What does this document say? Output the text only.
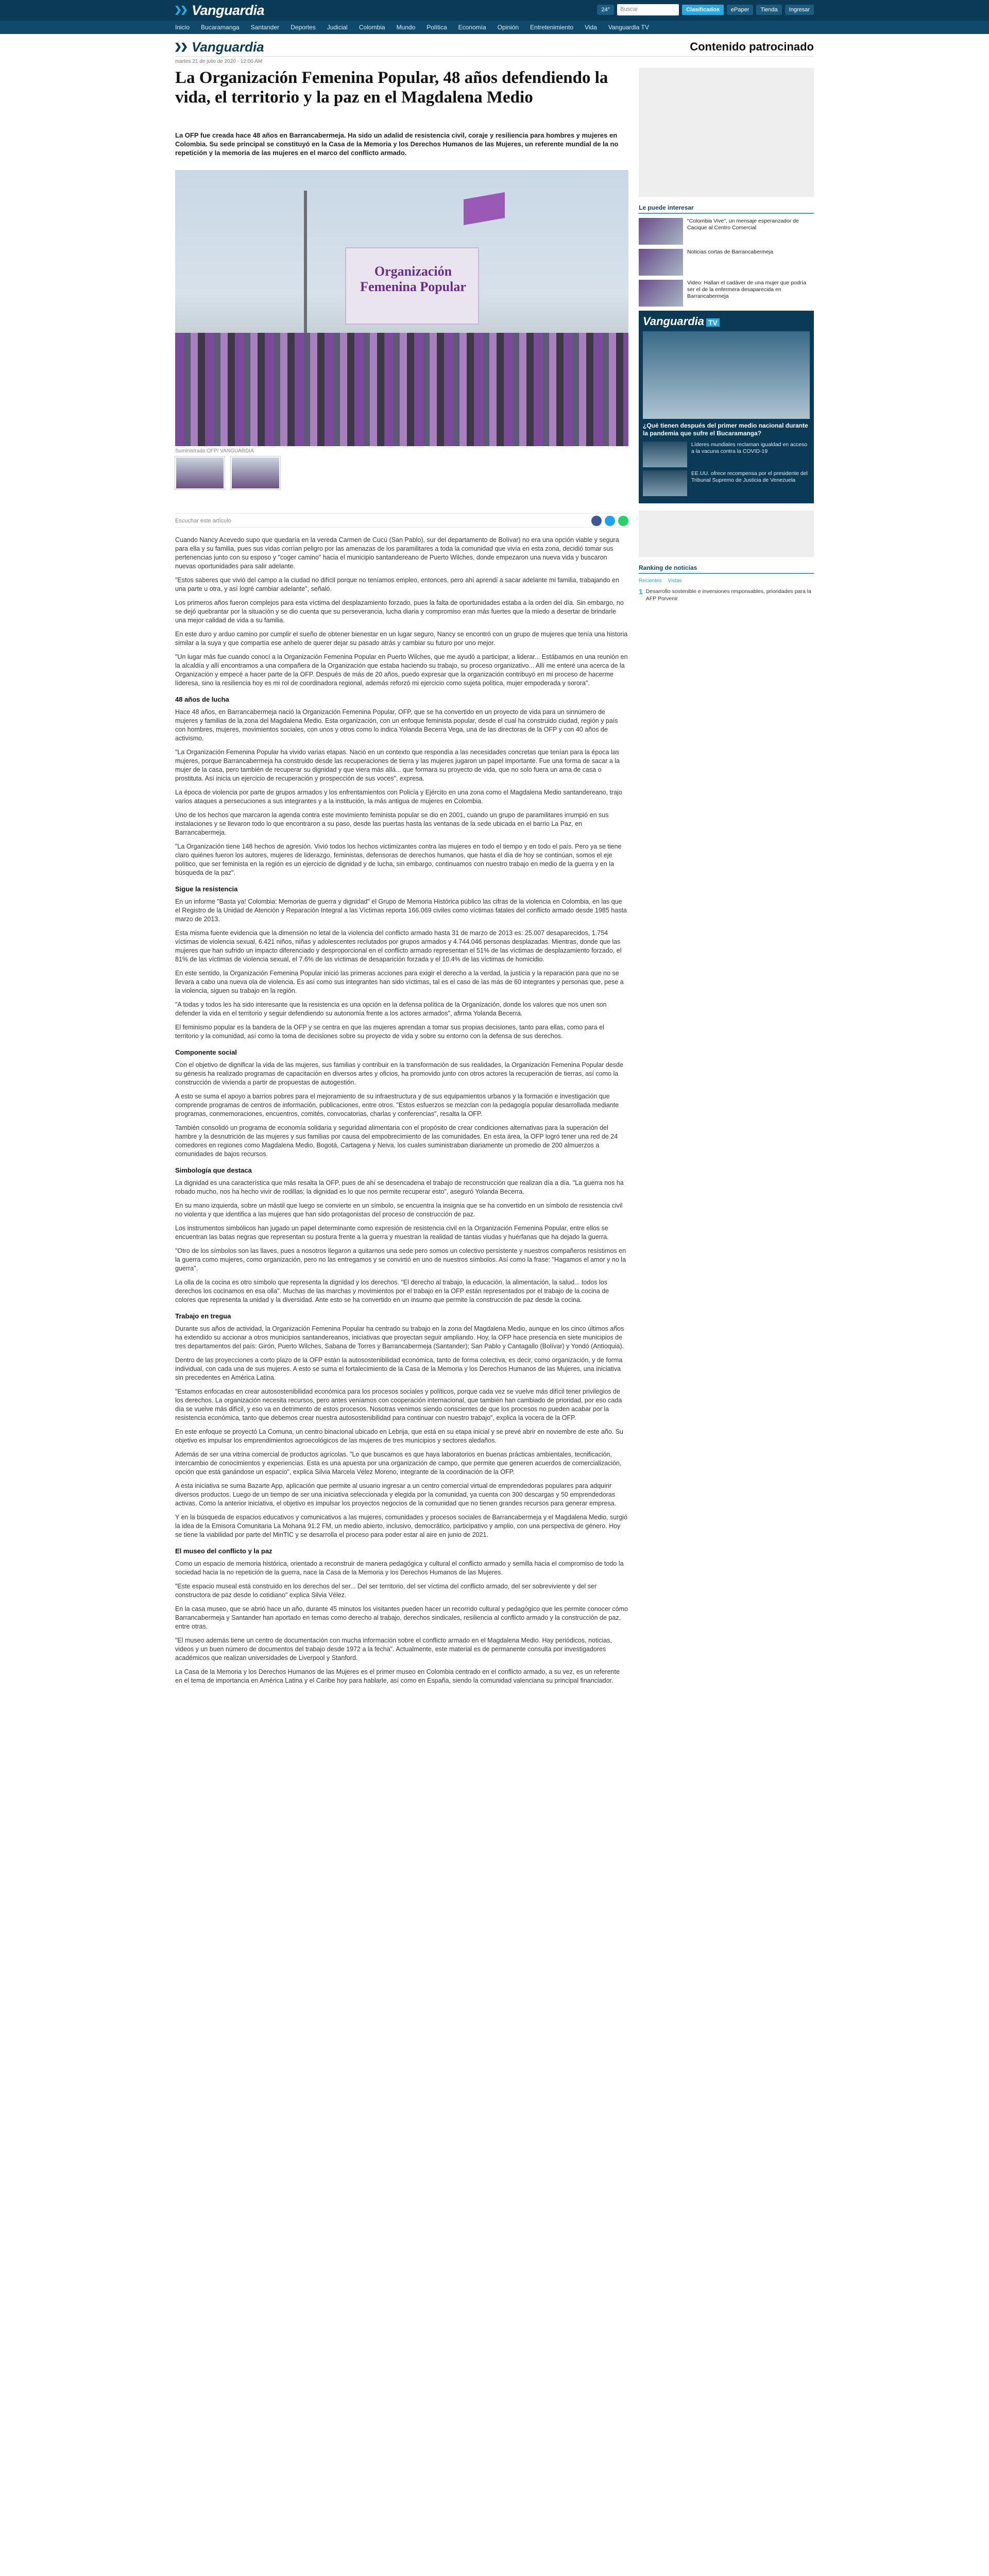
Vanguardia	24°	Buscar	Clasificados	ePaper	Tienda	Ingresar
Inicio Bucaramanga Santander Deportes Judicial Colombia Mundo Política Economía Opinión Entretenimiento Vida Vanguardia TV
Vanguardia	Contenido patrocinado
martes 21 de julio de 2020 - 12:00 AM
La Organización Femenina Popular, 48 años defendiendo la vida, el territorio y la paz en el Magdalena Medio

La OFP fue creada hace 48 años en Barrancabermeja. Ha sido un adalid de resistencia civil, coraje y resiliencia para hombres y mujeres en Colombia. Su sede principal se constituyó en la Casa de la Memoria y los Derechos Humanos de las Mujeres, un referente mundial de la no repetición y la memoria de las mujeres en el marco del conflicto armado.

Organización Femenina Popular
Suministrada OFP/ VANGUARDIA
Escuchar este artículo

Cuando Nancy Acevedo supo que quedaría en la vereda Carmen de Cucú (San Pablo), sur del departamento de Bolívar) no era una opción viable y segura para ella y su familia, pues sus vidas corrían peligro por las amenazas de los paramilitares a toda la comunidad que vivía en esta zona, decidió tomar sus pertenencias junto con su esposo y "coger camino" hacia el municipio santandereano de Puerto Wilches, donde empezaron una nueva vida y buscaron nuevas oportunidades para salir adelante.

"Estos saberes que vivió del campo a la ciudad no difícil porque no teníamos empleo, entonces, pero ahí aprendí a sacar adelante mi familia, trabajando en una parte u otra, y así logré cambiar adelante", señaló.

Los primeros años fueron complejos para esta víctima del desplazamiento forzado, pues la falta de oportunidades estaba a la orden del día. Sin embargo, no se dejó quebrantar por la situación y se dio cuenta que su perseverancia, lucha diaria y compromiso eran más fuertes que la miedo a desertar de brindarle una mejor calidad de vida a su familia.

En este duro y arduo camino por cumplir el sueño de obtener bienestar en un lugar seguro, Nancy se encontró con un grupo de mujeres que tenía una historia similar a la suya y que compartía ese anhelo de querer dejar su pasado atrás y cambiar su futuro por uno mejor.

"Un lugar más fue cuando conocí a la Organización Femenina Popular en Puerto Wilches, que me ayudó a participar, a liderar... Estábamos en una reunión en la alcaldía y allí encontramos a una compañera de la Organización que estaba haciendo su trabajo, su proceso organizativo... Allí me enteré una acerca de la Organización y empecé a hacer parte de la OFP. Después de más de 20 años, puedo expresar que la organización contribuyó en mi proceso de hacerme líderesa, sino la resiliencia hoy es mi rol de coordinadora regional, además reforzó mi ejercicio como sujeta política, mujer empoderada y sorora".

48 años de lucha

Hace 48 años, en Barrancabermeja nació la Organización Femenina Popular, OFP, que se ha convertido en un proyecto de vida para un sinnúmero de mujeres y familias de la zona del Magdalena Medio. Esta organización, con un enfoque feminista popular, desde el cual ha construido ciudad, región y país con hombres, mujeres, movimientos sociales, con unos y otros como lo indica Yolanda Becerra Vega, una de las directoras de la OFP y con 40 años de activismo.

"La Organización Femenina Popular ha vivido varias etapas. Nació en un contexto que respondía a las necesidades concretas que tenían para la época las mujeres, porque Barrancabermeja ha construido desde las recuperaciones de tierra y las mujeres jugaron un papel importante. Fue una forma de sacar a la mujer de la casa, pero también de recuperar su dignidad y que viera más allá... que formara su proyecto de vida, que no solo fuera un ama de casa o prostituta. Así inicia un ejercicio de recuperación y prospección de sus voces", expresa.

La época de violencia por parte de grupos armados y los enfrentamientos con Policía y Ejército en una zona como el Magdalena Medio santandereano, trajo varios ataques a persecuciones a sus integrantes y a la institución, la más antigua de mujeres en Colombia.

Uno de los hechos que marcaron la agenda contra este movimiento feminista popular se dio en 2001, cuando un grupo de paramilitares irrumpió en sus instalaciones y se llevaron todo lo que encontraron a su paso, desde las puertas hasta las ventanas de la sede ubicada en el barrio La Paz, en Barrancabermeja.

"La Organización tiene 148 hechos de agresión. Vivió todos los hechos victimizantes contra las mujeres en todo el tiempo y en todo el país. Pero ya se tiene claro quiénes fueron los autores, mujeres de liderazgo, feministas, defensoras de derechos humanos, que hasta el día de hoy se continúan, somos el eje político, que ser feminista en la región es un ejercicio de dignidad y de lucha, sin embargo, continuamos con nuestro trabajo en medio de la guerra y en la búsqueda de la paz".

Sigue la resistencia

En un informe "Basta ya! Colombia: Memorias de guerra y dignidad" el Grupo de Memoria Histórica público las cifras de la violencia en Colombia, en las que el Registro de la Unidad de Atención y Reparación Integral a las Víctimas reporta 166.069 civiles como víctimas fatales del conflicto armado desde 1985 hasta marzo de 2013.

Esta misma fuente evidencia que la dimensión no letal de la violencia del conflicto armado hasta 31 de marzo de 2013 es: 25.007 desaparecidos, 1.754 víctimas de violencia sexual, 6.421 niños, niñas y adolescentes reclutados por grupos armados y 4.744.046 personas desplazadas. Mientras, donde que las mujeres que han sufrido un impacto diferenciado y desproporcional en el conflicto armado representan el 51% de las víctimas de desplazamiento forzado, el 81% de las víctimas de violencia sexual, el 7.6% de las víctimas de desaparición forzada y el 10.4% de las víctimas de homicidio.

En este sentido, la Organización Femenina Popular inició las primeras acciones para exigir el derecho a la verdad, la justicia y la reparación para que no se llevara a cabo una nueva ola de violencia. Es así como sus integrantes han sido víctimas, tal es el caso de las más de 60 integrantes y personas que, pese a la violencia, siguen su trabajo en la región.

"A todas y todos les ha sido interesante que la resistencia es una opción en la defensa política de la Organización, donde los valores que nos unen son defender la vida en el territorio y seguir defendiendo su autonomía frente a los actores armados", afirma Yolanda Becerra.

El feminismo popular es la bandera de la OFP y se centra en que las mujeres aprendan a tomar sus propias decisiones, tanto para ellas, como para el territorio y la comunidad, así como la toma de decisiones sobre su proyecto de vida y sobre su entorno con la defensa de sus derechos.

Componente social

Con el objetivo de dignificar la vida de las mujeres, sus familias y contribuir en la transformación de sus realidades, la Organización Femenina Popular desde su génesis ha realizado programas de capacitación en diversos artes y oficios, ha promovido junto con otros actores la recuperación de tierras, así como la construcción de vivienda a partir de propuestas de autogestión.

A esto se suma el apoyo a barrios pobres para el mejoramiento de su infraestructura y de sus equipamientos urbanos y la formación e investigación que comprende programas de centros de información, publicaciones, entre otros. "Estos esfuerzos se mezclan con la pedagogía popular desarrollada mediante programas, conmemoraciones, encuentros, comités, convocatorias, charlas y conferencias", resalta la OFP.

También consolidó un programa de economía solidaria y seguridad alimentaria con el propósito de crear condiciones alternativas para la superación del hambre y la desnutrición de las mujeres y sus familias por causa del empobrecimiento de las comunidades. En esta área, la OFP logró tener una red de 24 comedores en regiones como Magdalena Medio, Bogotá, Cartagena y Neiva, los cuales suministraban diariamente un promedio de 200 almuerzos a comunidades de bajos recursos.

Simbología que destaca

La dignidad es una característica que más resalta la OFP, pues de ahí se desencadena el trabajo de reconstrucción que realizan día a día. "La guerra nos ha robado mucho, nos ha hecho vivir de rodillas; la dignidad es lo que nos permite recuperar esto", aseguró Yolanda Becerra.

En su mano izquierda, sobre un mástil que luego se convierte en un símbolo, se encuentra la insignia que se ha convertido en un símbolo de resistencia civil no violenta y que identifica a las mujeres que han sido protagonistas del proceso de construcción de paz.

Los instrumentos simbólicos han jugado un papel determinante como expresión de resistencia civil en la Organización Femenina Popular, entre ellos se encuentran las batas negras que representan su postura frente a la guerra y muestran la realidad de tantas viudas y huérfanas que ha dejado la guerra.

"Otro de los símbolos son las llaves, pues a nosotros llegaron a quitarnos una sede pero somos un colectivo persistente y nuestros compañeros resistimos en la guerra como mujeres, como organización, pero no las entregamos y se convirtió en uno de nuestros símbolos. Así como la frase: "Hagamos el amor y no la guerra".

La olla de la cocina es otro símbolo que representa la dignidad y los derechos. "El derecho al trabajo, la educación, la alimentación, la salud... todos los derechos los cocinamos en esa olla". Muchas de las marchas y movimientos por el trabajo en la OFP están representados por el trabajo de la cocina de colores que representa la unidad y la diversidad. Ante esto se ha convertido en un insumo que permite la construcción de paz desde la cocina.

Trabajo en tregua

Durante sus años de actividad, la Organización Femenina Popular ha centrado su trabajo en la zona del Magdalena Medio, aunque en los cinco últimos años ha extendido su accionar a otros municipios santandereanos, iniciativas que proyectan seguir ampliando. Hoy, la OFP hace presencia en siete municipios de tres departamentos del país: Girón, Puerto Wilches, Sabana de Torres y Barrancabermeja (Santander); San Pablo y Cantagallo (Bolívar) y Yondó (Antioquia).

Dentro de las proyecciones a corto plazo de la OFP están la autosostenibilidad económica, tanto de forma colectiva, es decir, como organización, y de forma individual, con cada una de sus mujeres. A esto se suma el fortalecimiento de la Casa de la Memoria y los Derechos Humanos de las Mujeres, una iniciativa sin precedentes en América Latina.

"Estamos enfocadas en crear autosostenibilidad económica para los procesos sociales y políticos, porque cada vez se vuelve más difícil tener privilegios de los derechos. La organización necesita recursos, pero antes veníamos con cooperación internacional, que también han cambiado de prioridad, por eso cada día se vuelve más difícil, y eso va en detrimento de estos procesos. Nosotras venimos siendo conscientes de que los procesos no pueden acabar por la resistencia económica, tanto que debemos crear nuestra autosostenibilidad para continuar con nuestro trabajo", explica la vocera de la OFP.

En este enfoque se proyectó La Comuna, un centro binacional ubicado en Lebrija, que está en su etapa inicial y se prevé abrir en noviembre de este año. Su objetivo es impulsar los emprendimientos agroecológicos de las mujeres de tres municipios y sectores aledaños.

Además de ser una vitrina comercial de productos agrícolas. "Lo que buscamos es que haya laboratorios en buenas prácticas ambientales, tecnificación, intercambio de conocimientos y experiencias. Esta es una apuesta por una organización de campo, que permite que generen acuerdos de comercialización, opción que está ganándose un espacio", explica Silvia Marcela Vélez Moreno, integrante de la coordinación de la OFP.

A esta iniciativa se suma Bazarte App, aplicación que permite al usuario ingresar a un centro comercial virtual de emprendedoras populares para adquirir diversos productos. Luego de un tiempo de ser una iniciativa seleccionada y elegida por la comunidad, ya cuenta con 300 descargas y 50 emprendedoras activas. Como la anterior iniciativa, el objetivo es impulsar los proyectos negocios de la comunidad que no tienen grandes recursos para generar empresa.

Y en la búsqueda de espacios educativos y comunicativos a las mujeres, comunidades y procesos sociales de Barrancabermeja y el Magdalena Medio, surgió la idea de la Emisora Comunitaria La Mohana 91.2 FM, un medio abierto, inclusivo, democrático, participativo y amplio, con una perspectiva de género. Hoy se tiene la viabilidad por parte del MinTIC y se desarrolla el proceso para poder estar al aire en junio de 2021.

El museo del conflicto y la paz

Como un espacio de memoria histórica, orientado a reconstruir de manera pedagógica y cultural el conflicto armado y semilla hacia el compromiso de todo la sociedad hacia la no repetición de la guerra, nace la Casa de la Memoria y los Derechos Humanos de las Mujeres.

"Este espacio museal está construido en los derechos del ser... Del ser territorio, del ser víctima del conflicto armado, del ser sobreviviente y del ser constructora de paz desde lo cotidiano" explica Silvia Vélez.

En la casa museo, que se abrió hace un año, durante 45 minutos los visitantes pueden hacer un recorrido cultural y pedagógico que les permite conocer cómo Barrancabermeja y Santander han aportado en temas como derecho al trabajo, derechos sindicales, resiliencia al conflicto armado y la construcción de paz, entre otras.

"El museo además tiene un centro de documentación con mucha información sobre el conflicto armado en el Magdalena Medio. Hay periódicos, noticias, videos y un buen número de documentos del trabajo desde 1972 a la fecha". Actualmente, este material es de permanente consulta por investigadores académicos que realizan universidades de Liverpool y Stanford.

La Casa de la Memoria y los Derechos Humanos de las Mujeres es el primer museo en Colombia centrado en el conflicto armado, a su vez, es un referente en el tema de importancia en América Latina y el Caribe hoy para hablarle, así como en España, siendo la comunidad valenciana su principal financiador.

Le puede interesar
"Colombia Vive", un mensaje esperanzador de Cacique al Centro Comercial
Noticias cortas de Barrancabermeja
Video: Hallan el cadáver de una mujer que podría ser el de la enfermera desaparecida en Barrancabermeja
Vanguardia TV
¿Qué tienen después del primer medio nacional durante la pandemia que sufre el Bucaramanga?
Líderes mundiales reclaman igualdad en acceso a la vacuna contra la COVID-19
EE.UU. ofrece recompensa por el presidente del Tribunal Supremo de Justicia de Venezuela
Ranking de noticias
Recientes Vistas
1 Desarrollo sostenible e inversiones responsables, prioridades para la AFP Porvenir
